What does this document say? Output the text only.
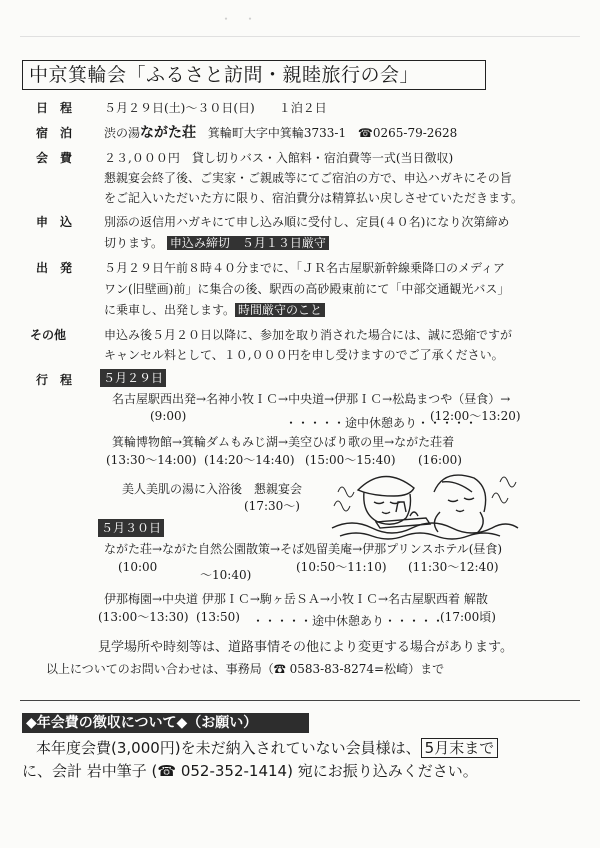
・　・
中京箕輪会「ふるさと訪問・親睦旅行の会」
日　程	５月２９日(土)～３０日(日)　　１泊２日
宿　泊	渋の湯ながた荘 箕輪町大字中箕輪3733-1 ☎0265-79-2628
会　費	２３,０００円　貸し切りバス・入館料・宿泊費等一式(当日徴収)
懇親宴会終了後、ご実家・ご親戚等にてご宿泊の方で、申込ハガキにその旨
をご記入いただいた方に限り、宿泊費分は精算払い戻しさせていただきます。
申　込	別添の返信用ハガキにて申し込み順に受付し、定員(４０名)になり次第締め
切ります。 申込み締切　５月１３日厳守
出　発	５月２９日午前８時４０分までに、「ＪＲ名古屋駅新幹線乗降口のメディア
ワン(旧壁画)前」に集合の後、駅西の高砂殿東前にて「中部交通観光バス」
に乗車し、出発します。 時間厳守のこと
その他	申込み後５月２０日以降に、参加を取り消された場合には、誠に恐縮ですが
キャンセル料として、１０,０００円を申し受けますのでご了承ください。
行　程	５月２９日
名古屋駅西出発→名神小牧ＩＣ→中央道→伊那ＩＣ→松島まつや（昼食）→
(9:00)	・・・・・途中休憩あり・・・・・
(12:00～13:20)
箕輪博物館→箕輪ダムもみじ湖→美空ひばり歌の里→ながた荘着
(13:30～14:00) (14:20～14:40) (15:00～15:40) (16:00)
美人美肌の湯に入浴後　懇親宴会
(17:30～)
５月３０日
ながた荘→ながた自然公園散策→そば処留美庵→伊那プリンスホテル(昼食)
(10:00
～10:40)
(10:50～11:10) (11:30～12:40)
伊那梅園→中央道 伊那ＩＣ→駒ヶ岳ＳＡ→小牧ＩＣ→名古屋駅西着 解散
(13:00～13:30) (13:50) ・・・・・途中休憩あり・・・・・
(17:00頃)
見学場所や時刻等は、道路事情その他により変更する場合があります。
以上についてのお問い合わせは、事務局（☎ 0583-83-8274=松崎）まで
◆年会費の徴収について◆（お願い）
本年度会費(3,000円)を未だ納入されていない会員様は、 5月末まで
に、会計 岩中筆子 (☎ 052-352-1414) 宛にお振り込みください。
